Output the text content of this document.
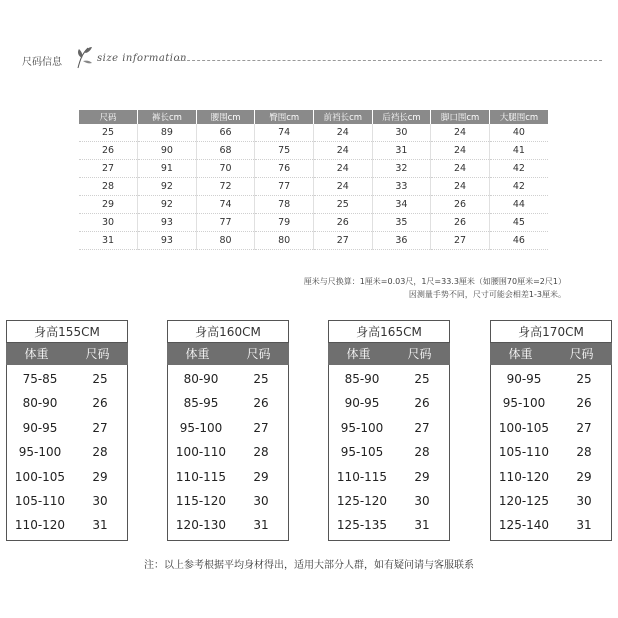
尺码信息	size information
尺码	裤长cm	腰围cm	臀围cm	前裆长cm	后裆长cm	脚口围cm	大腿围cm
25	89	66	74	24	30	24	40
26	90	68	75	24	31	24	41
27	91	70	76	24	32	24	42
28	92	72	77	24	33	24	42
29	92	74	78	25	34	26	44
30	93	77	79	26	35	26	45
31	93	80	80	27	36	27	46
厘米与尺换算：1厘米=0.03尺，1尺=33.3厘米（如腰围70厘米=2尺1）
因测量手势不同，尺寸可能会相差1-3厘米。
身高155CM
体重	尺码
75-85	25
80-90	26
90-95	27
95-100	28
100-105	29
105-110	30
110-120	31
身高160CM
体重	尺码
80-90	25
85-95	26
95-100	27
100-110	28
110-115	29
115-120	30
120-130	31
身高165CM
体重	尺码
85-90	25
90-95	26
95-100	27
95-105	28
110-115	29
125-120	30
125-135	31
身高170CM
体重	尺码
90-95	25
95-100	26
100-105	27
105-110	28
110-120	29
120-125	30
125-140	31
注：以上参考根据平均身材得出，适用大部分人群，如有疑问请与客服联系
